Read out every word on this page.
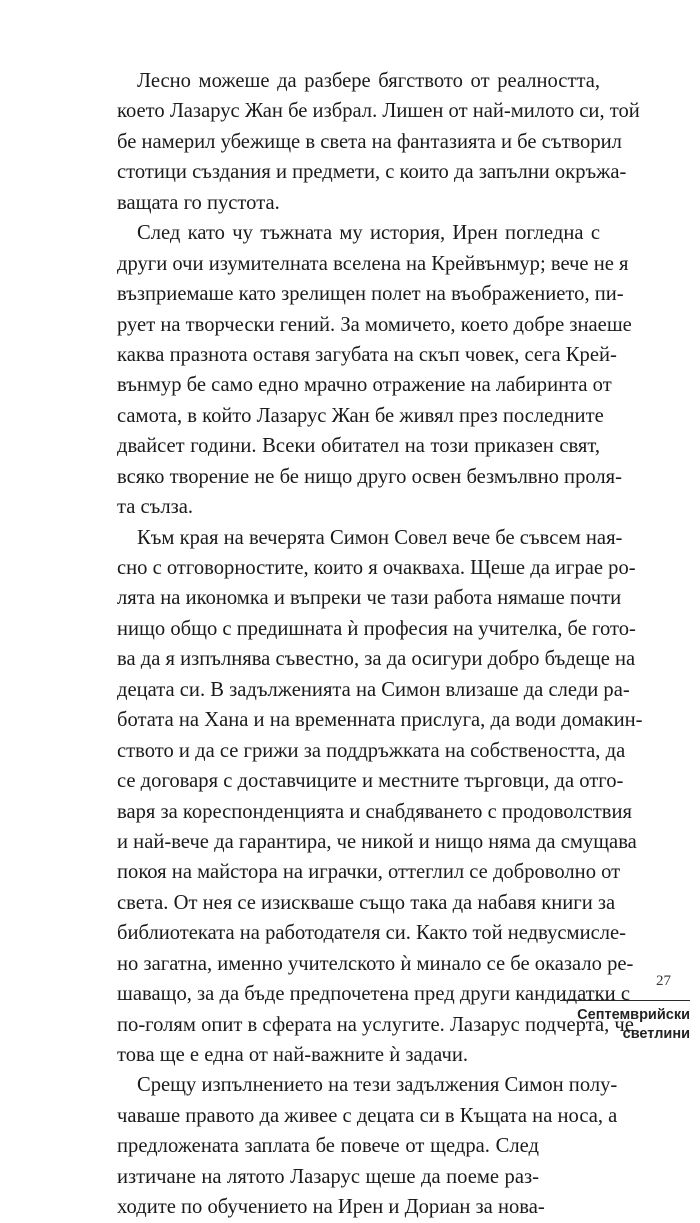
Лесно можеше да разбере бягството от реалността,
което Лазарус Жан бе избрал. Лишен от най-милото си, той
бе намерил убежище в света на фантазията и бе сътворил
стотици създания и предмети, с които да запълни окръжа-
ващата го пустота.
След като чу тъжната му история, Ирен погледна с
други очи изумителната вселена на Крейвънмур; вече не я
възприемаше като зрелищен полет на въображението, пи-
рует на творчески гений. За момичето, което добре знаеше
каква празнота оставя загубата на скъп човек, сега Крей-
вънмур бе само едно мрачно отражение на лабиринта от
самота, в който Лазарус Жан бе живял през последните
двайсет години. Всеки обитател на този приказен свят,
всяко творение не бе нищо друго освен безмълвно проля-
та сълза.
Към края на вечерята Симон Совел вече бе съвсем ная-
сно с отговорностите, които я очакваха. Щеше да играе ро-
лята на икономка и въпреки че тази работа нямаше почти
нищо общо с предишната ѝ професия на учителка, бе гото-
ва да я изпълнява съвестно, за да осигури добро бъдеще на
децата си. В задълженията на Симон влизаше да следи ра-
ботата на Хана и на временната прислуга, да води домакин-
ството и да се грижи за поддръжката на собствеността, да
се договаря с доставчиците и местните търговци, да отго-
варя за кореспонденцията и снабдяването с продоволствия
и най-вече да гарантира, че никой и нищо няма да смущава
покоя на майстора на играчки, оттеглил се доброволно от
света. От нея се изискваше също така да набавя книги за
библиотеката на работодателя си. Както той недвусмисле-
но загатна, именно учителското ѝ минало се бе оказало ре-
шаващо, за да бъде предпочетена пред други кандидатки с
по-голям опит в сферата на услугите. Лазарус подчерта, че
това ще е една от най-важните ѝ задачи.
Срещу изпълнението на тези задължения Симон полу-
чаваше правото да живее с децата си в Къщата на носа, а
предложената заплата бе повече от щедра. След
изтичане на лятото Лазарус щеше да поеме раз-
ходите по обучението на Ирен и Дориан за нова-
27
Септемврийски
светлини
